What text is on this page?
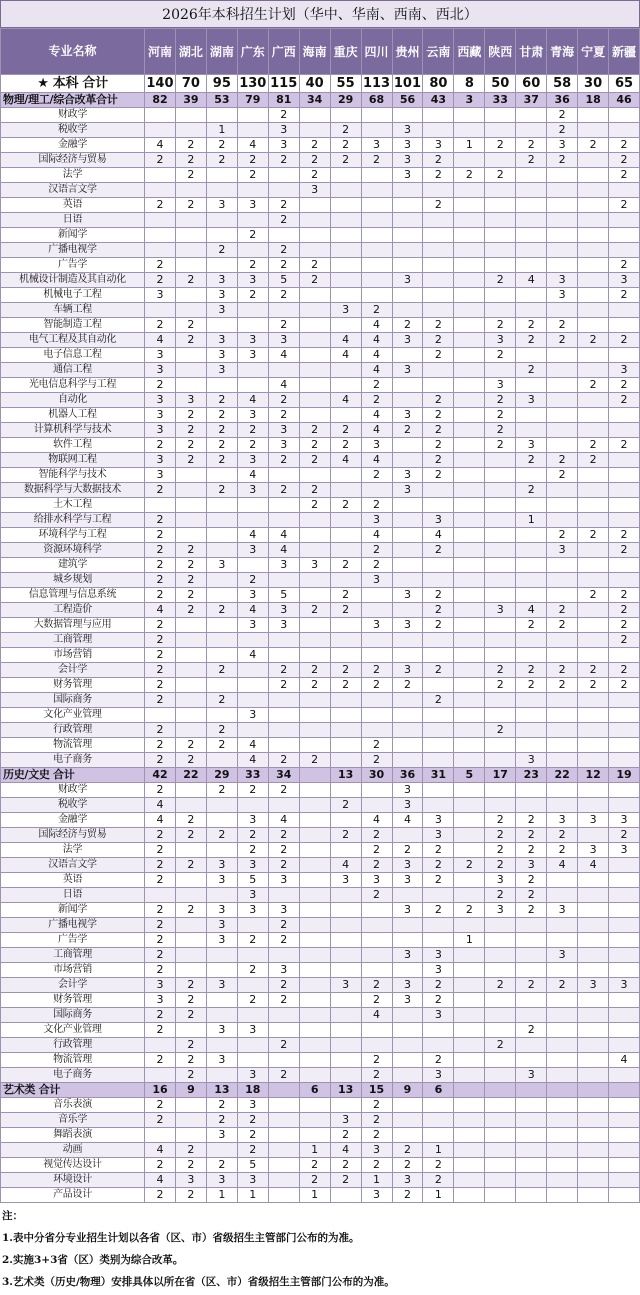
2026年本科招生计划（华中、华南、西南、西北）
专业名称	河南	湖北	湖南	广东	广西	海南	重庆	四川	贵州	云南	西藏	陕西	甘肃	青海	宁夏	新疆
★ 本科 合计	140	70	95	130	115	40	55	113	101	80	8	50	60	58	30	65
物理/理工/综合改革合计	82	39	53	79	81	34	29	68	56	43	3	33	37	36	18	46
财政学					2									2		
税收学			1		3		2		3					2		
金融学	4	2	2	4	3	2	2	3	3	3	1	2	2	3	2	2
国际经济与贸易	2	2	2	2	2	2	2	2	3	2			2	2		2
法学		2		2		2			3	2	2	2				2
汉语言文学						3										
英语	2	2	3	3	2					2						2
日语					2											
新闻学				2												
广播电视学			2		2											
广告学	2			2	2	2										2
机械设计制造及其自动化	2	2	3	3	5	2			3			2	4	3		3
机械电子工程	3		3	2	2									3		2
车辆工程			3				3	2								
智能制造工程	2	2			2			4	2	2		2	2	2		
电气工程及其自动化	4	2	3	3	3		4	4	3	2		3	2	2	2	2
电子信息工程	3		3	3	4		4	4		2		2				
通信工程	3		3					4	3				2			3
光电信息科学与工程	2				4			2				3			2	2
自动化	3	3	2	4	2		4	2		2		2	3			2
机器人工程	3	2	2	3	2			4	3	2		2				
计算机科学与技术	3	2	2	2	3	2	2	4	2	2		2				
软件工程	2	2	2	2	3	2	2	3		2		2	3		2	2
物联网工程	3	2	2	3	2	2	4	4		2			2	2	2	
智能科学与技术	3			4				2	3	2				2		
数据科学与大数据技术	2		2	3	2	2			3				2			
土木工程						2	2	2								
给排水科学与工程	2							3		3			1			
环境科学与工程	2			4	4			4		4				2	2	2
资源环境科学	2	2		3	4			2		2				3		2
建筑学	2	2	3		3	3	2	2								
城乡规划	2	2		2				3								
信息管理与信息系统	2	2		3	5		2		3	2					2	2
工程造价	4	2	2	4	3	2	2			2		3	4	2		2
大数据管理与应用	2			3	3			3	3	2			2	2		2
工商管理	2															2
市场营销	2			4												
会计学	2		2		2	2	2	2	3	2		2	2	2	2	2
财务管理	2				2	2	2	2	2			2	2	2	2	2
国际商务	2		2							2						
文化产业管理				3												
行政管理	2		2									2				
物流管理	2	2	2	4				2								
电子商务	2	2		4	2	2		2					3			
历史/文史 合计	42	22	29	33	34		13	30	36	31	5	17	23	22	12	19
财政学	2		2	2	2				3							
税收学	4						2		3							
金融学	4	2		3	4			4	4	3		2	2	3	3	3
国际经济与贸易	2	2	2	2	2		2	2		3		2	2	2		2
法学	2			2	2			2	2	2		2	2	2	3	3
汉语言文学	2	2	3	3	2		4	2	3	2	2	2	3	4	4	
英语	2		3	5	3		3	3	3	2		3	2			
日语				3				2				2	2			
新闻学	2	2	3	3	3				3	2	2	3	2	3		
广播电视学	2		3		2											
广告学	2		3	2	2						1					
工商管理	2								3	3				3		
市场营销	2			2	3					3						
会计学	3	2	3		2		3	2	3	2		2	2	2	3	3
财务管理	3	2		2	2			2	3	2						
国际商务	2	2						4		3						
文化产业管理	2		3	3									2			
行政管理		2			2							2				
物流管理	2	2	3					2		2						4
电子商务		2		3	2			2		3			3			
艺术类 合计	16	9	13	18		6	13	15	9	6						
音乐表演	2		2	3				2								
音乐学	2		2	2			3	2								
舞蹈表演			3	2			2	2								
动画	4	2		2		1	4	3	2	1						
视觉传达设计	2	2	2	5		2	2	2	2	2						
环境设计	4	3	3	3		2	2	1	3	2						
产品设计	2	2	1	1		1		3	2	1						
注：
1.表中分省分专业招生计划以各省（区、市）省级招生主管部门公布的为准。
2.实施3+3省（区）类别为综合改革。
3.艺术类（历史/物理）安排具体以所在省（区、市）省级招生主管部门公布的为准。
